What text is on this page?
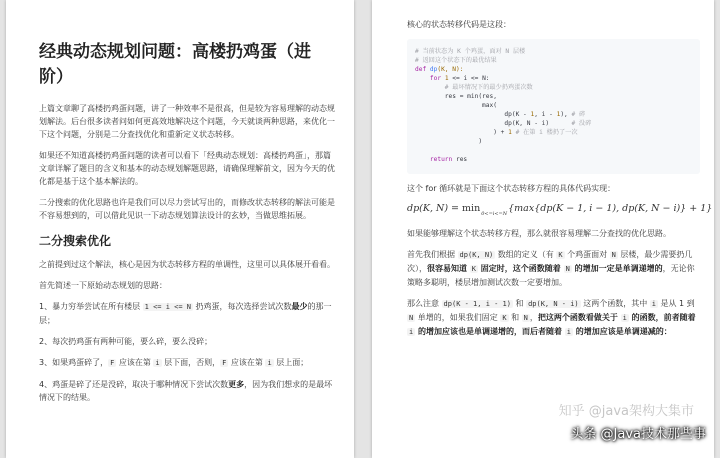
经典动态规划问题：高楼扔鸡蛋（进阶）

上篇文章聊了高楼扔鸡蛋问题，讲了一种效率不是很高，但是较为容易理解的动态规划解法。后台很多读者问如何更高效地解决这个问题，今天就谈两种思路，来优化一下这个问题，分别是二分查找优化和重新定义状态转移。

如果还不知道高楼扔鸡蛋问题的读者可以看下「经典动态规划：高楼扔鸡蛋」，那篇文章详解了题目的含义和基本的动态规划解题思路，请确保理解前文，因为今天的优化都是基于这个基本解法的。

二分搜索的优化思路也许是我们可以尽力尝试写出的，而修改状态转移的解法可能是不容易想到的，可以借此见识一下动态规划算法设计的玄妙，当做思维拓展。

二分搜索优化

之前提到过这个解法，核心是因为状态转移方程的单调性，这里可以具体展开看看。

首先简述一下原始动态规划的思路：

1、暴力穷举尝试在所有楼层 1 <= i <= N 扔鸡蛋，每次选择尝试次数最少的那一层；

2、每次扔鸡蛋有两种可能，要么碎，要么没碎；

3、如果鸡蛋碎了， F 应该在第 i 层下面，否则， F 应该在第 i 层上面；

4、鸡蛋是碎了还是没碎，取决于哪种情况下尝试次数更多，因为我们想求的是最坏情况下的结果。

核心的状态转移代码是这段：

# 当前状态为 K 个鸡蛋，面对 N 层楼
# 返回这个状态下的最优结果
def dp(K, N):
for 1 <= i <= N:
# 最坏情况下的最少扔鸡蛋次数
res = min(res,
max(
dp(K - 1, i - 1), # 碎
dp(K, N - i)      # 没碎
) + 1 # 在第 i 楼扔了一次
)

return res

这个 for 循环就是下面这个状态转移方程的具体代码实现：

dp(K, $N) = \min_{0<=i<=N}\{\max\{dp(K - 1$, i − 1), dp(K, N − i)} + 1}

如果能够理解这个状态转移方程，那么就很容易理解二分查找的优化思路。

首先我们根据 dp(K, N) 数组的定义（有 K 个鸡蛋面对 N 层楼，最少需要扔几次），很容易知道 K 固定时，这个函数随着 N 的增加一定是单调递增的，无论你策略多聪明，楼层增加测试次数一定要增加。

那么注意 dp(K - 1, i - 1) 和 dp(K, N - i) 这两个函数，其中 i 是从 1 到 N 单增的，如果我们固定 K 和 N ，把这两个函数看做关于 i 的函数，前者随着 i 的增加应该也是单调递增的，而后者随着 i 的增加应该是单调递减的：

知乎 @java架构大集市
头条 @Java技术那些事
